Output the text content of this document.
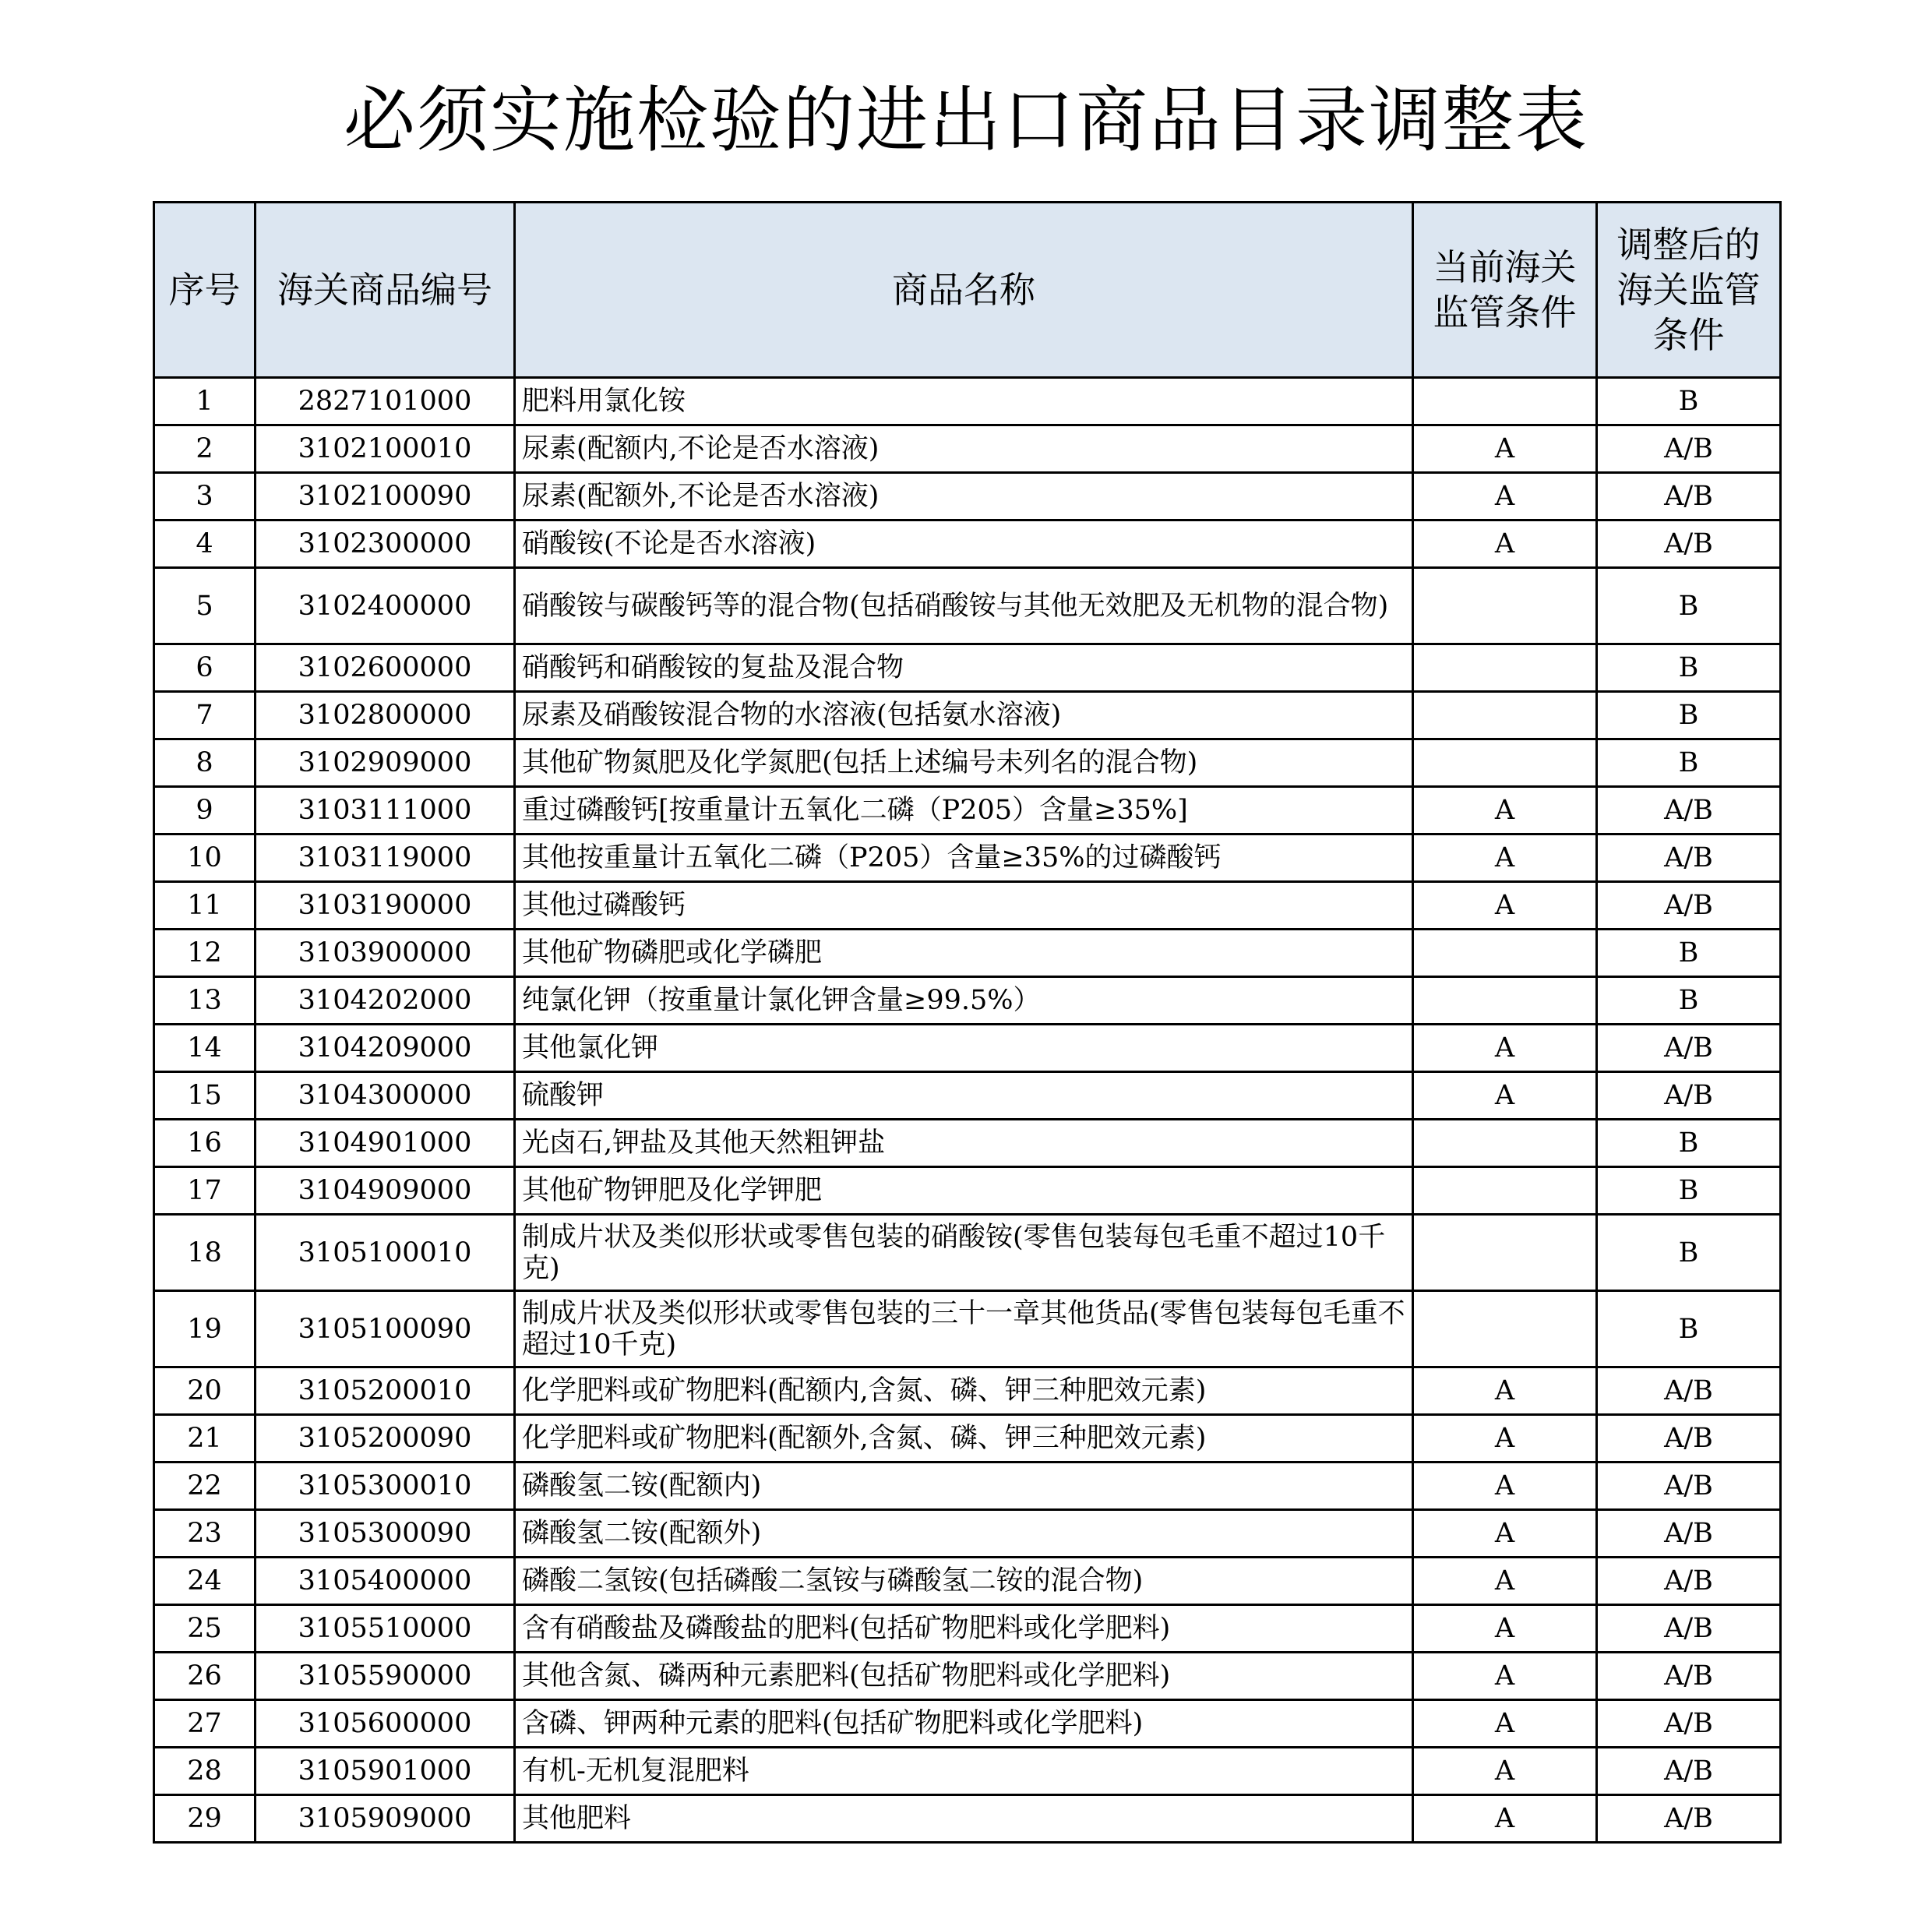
必须实施检验的进出口商品目录调整表
序号	海关商品编号	商品名称	当前海关监管条件	调整后的海关监管条件
1	2827101000	肥料用氯化铵		B
2	3102100010	尿素(配额内,不论是否水溶液)	A	A/B
3	3102100090	尿素(配额外,不论是否水溶液)	A	A/B
4	3102300000	硝酸铵(不论是否水溶液)	A	A/B
5	3102400000	硝酸铵与碳酸钙等的混合物(包括硝酸铵与其他无效肥及无机物的混合物)		B
6	3102600000	硝酸钙和硝酸铵的复盐及混合物		B
7	3102800000	尿素及硝酸铵混合物的水溶液(包括氨水溶液)		B
8	3102909000	其他矿物氮肥及化学氮肥(包括上述编号未列名的混合物)		B
9	3103111000	重过磷酸钙[按重量计五氧化二磷（P205）含量≥35%]	A	A/B
10	3103119000	其他按重量计五氧化二磷（P205）含量≥35%的过磷酸钙	A	A/B
11	3103190000	其他过磷酸钙	A	A/B
12	3103900000	其他矿物磷肥或化学磷肥		B
13	3104202000	纯氯化钾（按重量计氯化钾含量≥99.5%）		B
14	3104209000	其他氯化钾	A	A/B
15	3104300000	硫酸钾	A	A/B
16	3104901000	光卤石,钾盐及其他天然粗钾盐		B
17	3104909000	其他矿物钾肥及化学钾肥		B
18	3105100010	制成片状及类似形状或零售包装的硝酸铵(零售包装每包毛重不超过10千克)		B
19	3105100090	制成片状及类似形状或零售包装的三十一章其他货品(零售包装每包毛重不超过10千克)		B
20	3105200010	化学肥料或矿物肥料(配额内,含氮、磷、钾三种肥效元素)	A	A/B
21	3105200090	化学肥料或矿物肥料(配额外,含氮、磷、钾三种肥效元素)	A	A/B
22	3105300010	磷酸氢二铵(配额内)	A	A/B
23	3105300090	磷酸氢二铵(配额外)	A	A/B
24	3105400000	磷酸二氢铵(包括磷酸二氢铵与磷酸氢二铵的混合物)	A	A/B
25	3105510000	含有硝酸盐及磷酸盐的肥料(包括矿物肥料或化学肥料)	A	A/B
26	3105590000	其他含氮、磷两种元素肥料(包括矿物肥料或化学肥料)	A	A/B
27	3105600000	含磷、钾两种元素的肥料(包括矿物肥料或化学肥料)	A	A/B
28	3105901000	有机-无机复混肥料	A	A/B
29	3105909000	其他肥料	A	A/B
